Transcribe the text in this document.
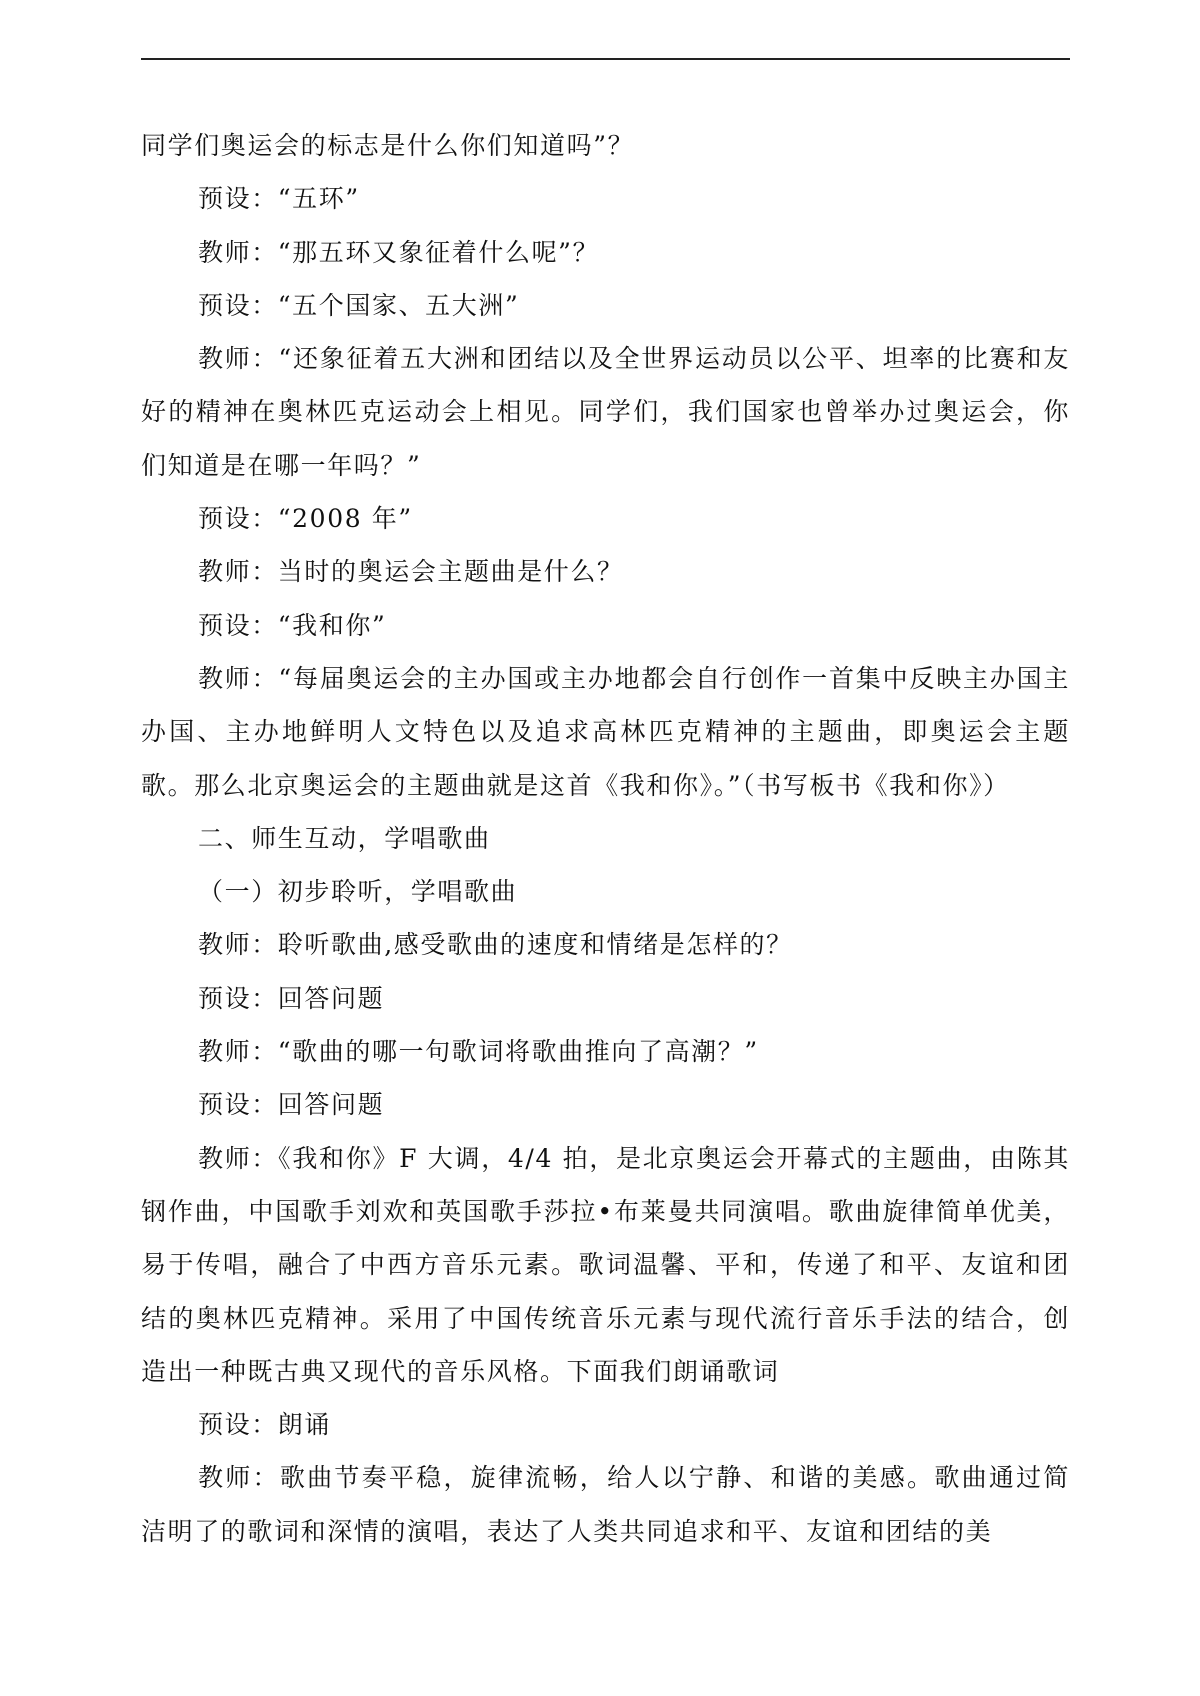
同学们奥运会的标志是什么你们知道吗”？

预设：“五环”

教师：“那五环又象征着什么呢”？

预设：“五个国家、五大洲”

教师：“还象征着五大洲和团结以及全世界运动员以公平、坦率的比赛和友好的精神在奥林匹克运动会上相见。同学们，我们国家也曾举办过奥运会，你们知道是在哪一年吗？”

预设：“2008 年”

教师：当时的奥运会主题曲是什么？

预设：“我和你”

教师：“每届奥运会的主办国或主办地都会自行创作一首集中反映主办国主办国、主办地鲜明人文特色以及追求高林匹克精神的主题曲，即奥运会主题歌。那么北京奥运会的主题曲就是这首《我和你》。”（书写板书《我和你》）

二、师生互动，学唱歌曲

（一）初步聆听，学唱歌曲

教师：聆听歌曲,感受歌曲的速度和情绪是怎样的？

预设：回答问题

教师：“歌曲的哪一句歌词将歌曲推向了高潮？”

预设：回答问题

教师：《我和你》F 大调，4/4 拍，是北京奥运会开幕式的主题曲，由陈其钢作曲，中国歌手刘欢和英国歌手莎拉•布莱曼共同演唱。歌曲旋律简单优美，易于传唱，融合了中西方音乐元素。歌词温馨、平和，传递了和平、友谊和团结的奥林匹克精神。采用了中国传统音乐元素与现代流行音乐手法的结合，创造出一种既古典又现代的音乐风格。下面我们朗诵歌词

预设：朗诵

教师：歌曲节奏平稳，旋律流畅，给人以宁静、和谐的美感。歌曲通过简洁明了的歌词和深情的演唱，表达了人类共同追求和平、友谊和团结的美
